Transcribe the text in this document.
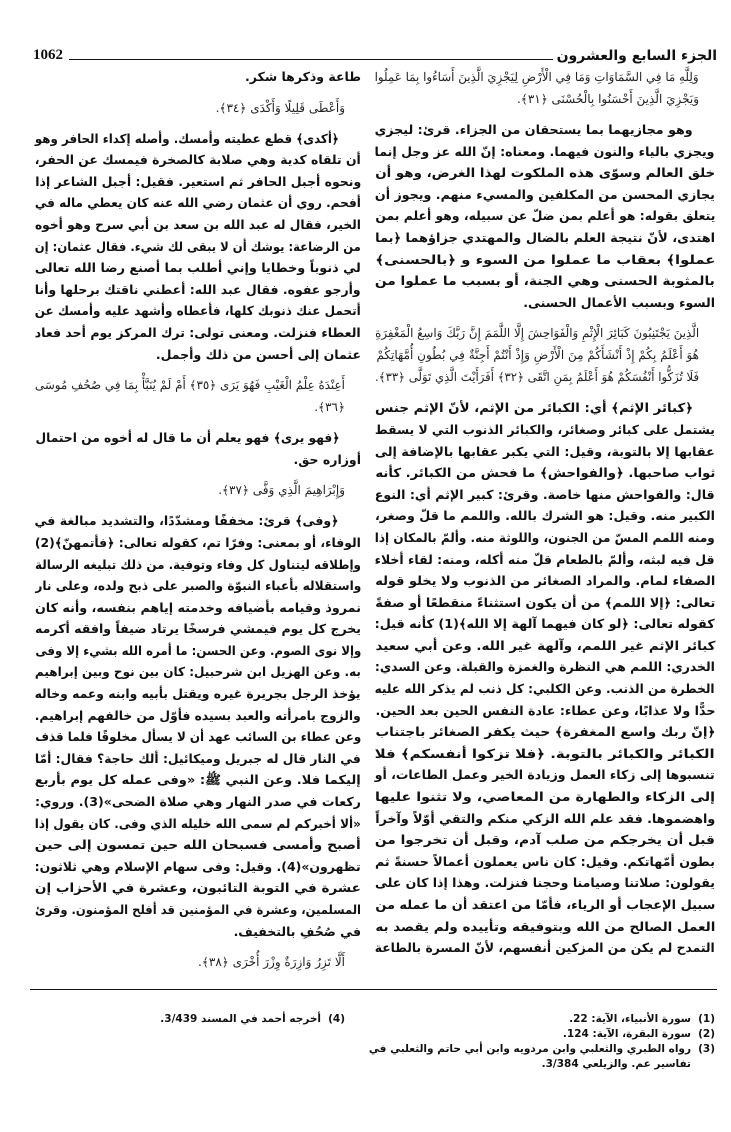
الجزء السابع والعشرون
1062
وَلِلَّهِ مَا فِي السَّمَاوَاتِ وَمَا فِي الْأَرْضِ لِيَجْزِيَ الَّذِينَ أَسَاءُوا بِمَا عَمِلُوا
وَيَجْزِيَ الَّذِينَ أَحْسَنُوا بِالْحُسْنَى ﴿٣١﴾.
وهو مجازيهما بما يستحقان من الجزاء. قرئ: ليجزي
ويجزي بالياء والنون فيهما. ومعناه: إنّ الله عز وجل إنما
خلق العالم وسوّى هذه الملكوت لهذا الغرض، وهو أن
يجازي المحسن من المكلفين والمسيء منهم. ويجوز أن
يتعلق بقوله: هو أعلم بمن ضلّ عن سبيله، وهو أعلم بمن
اهتدى، لأنّ نتيجة العلم بالضال والمهتدي جزاؤهما ﴿بما
عملوا﴾ بعقاب ما عملوا من السوء و ﴿بالحسنى﴾
بالمثوبة الحسنى وهي الجنة، أو بسبب ما عملوا من
السوء وبسبب الأعمال الحسنى.
الَّذِينَ يَجْتَنِبُونَ كَبَائِرَ الْإِثْمِ وَالْفَوَاحِشَ إِلَّا اللَّمَمَ إِنَّ رَبَّكَ وَاسِعُ الْمَغْفِرَةِ
هُوَ أَعْلَمُ بِكُمْ إِذْ أَنْشَأَكُمْ مِنَ الْأَرْضِ وَإِذْ أَنْتُمْ أَجِنَّةٌ فِي بُطُونِ أُمَّهَاتِكُمْ
فَلَا تُزَكُّوا أَنْفُسَكُمْ هُوَ أَعْلَمُ بِمَنِ اتَّقَى ﴿٣٢﴾ أَفَرَأَيْتَ الَّذِي تَوَلَّى ﴿٣٣﴾.
﴿كبائر الإثم﴾ أي: الكبائر من الإثم، لأنّ الإثم جنس
يشتمل على كبائر وصغائر، والكبائر الذنوب التي لا يسقط
عقابها إلا بالتوبة، وقيل: التي يكبر عقابها بالإضافة إلى
ثواب صاحبها. ﴿والفواحش﴾ ما فحش من الكبائر. كأنه
قال: والفواحش منها خاصة. وقرئ: كبير الإثم أي: النوع
الكبير منه. وقيل: هو الشرك بالله. واللمم ما قلّ وصغر،
ومنه اللمم المسّ من الجنون، واللوثة منه. وألمّ بالمكان إذا
قل فيه لبثه، وألمّ بالطعام قلّ منه أكله، ومنه: لقاء أخلاء
الصفاء لمام. والمراد الصغائر من الذنوب ولا يخلو قوله
تعالى: ﴿إلا اللمم﴾ من أن يكون استثناءً منقطعًا أو صفةً
كقوله تعالى: ﴿لو كان فيهما آلهة إلا الله﴾(1) كأنه قيل:
كبائر الإثم غير اللمم، وآلهة غير الله. وعن أبي سعيد
الخدري: اللمم هي النظرة والغمزة والقبلة. وعن السدي:
الخطرة من الذنب. وعن الكلبي: كل ذنب لم يذكر الله عليه
حدًّا ولا عذابًا، وعن عطاء: عادة النفس الحين بعد الحين.
﴿إنّ ربك واسع المغفرة﴾ حيث يكفر الصغائر باجتناب
الكبائر والكبائر بالتوبة. ﴿فلا تزكوا أنفسكم﴾ فلا
تنسبوها إلى زكاء العمل وزيادة الخير وعمل الطاعات، أو
إلى الزكاء والطهارة من المعاصي، ولا تثنوا عليها
واهضموها. فقد علم الله الزكي منكم والتقي أوّلاً وآخراً
قبل أن يخرجكم من صلب آدم، وقبل أن تخرجوا من
بطون أمّهاتكم. وقيل: كان ناس يعملون أعمالاً حسنةً ثم
يقولون: صلاتنا وصيامنا وحجنا فنزلت. وهذا إذا كان على
سبيل الإعجاب أو الرياء، فأمّا من اعتقد أن ما عمله من
العمل الصالح من الله وبتوفيقه وتأييده ولم يقصد به
التمدح لم يكن من المزكين أنفسهم، لأنّ المسرة بالطاعة
طاعة وذكرها شكر.
وَأَعْطَى قَلِيلًا وَأَكْدَى ﴿٣٤﴾.
﴿أكدى﴾ قطع عطيته وأمسك. وأصله إكداء الحافر وهو
أن تلقاه كدية وهي صلابة كالصخرة فيمسك عن الحفر،
ونحوه أجبل الحافر ثم استعير. فقيل: أجبل الشاعر إذا
أفحم. روي أن عثمان رضي الله عنه كان يعطي ماله في
الخير، فقال له عبد الله بن سعد بن أبي سرح وهو أخوه
من الرضاعة: يوشك أن لا يبقى لك شيء. فقال عثمان: إن
لي ذنوباً وخطايا وإني أطلب بما أصنع رضا الله تعالى
وأرجو عفوه. فقال عبد الله: أعطني ناقتك برحلها وأنا
أتحمل عنك ذنوبك كلها، فأعطاه وأشهد عليه وأمسك عن
العطاء فنزلت. ومعنى تولى: ترك المركز يوم أحد فعاد
عثمان إلى أحسن من ذلك وأجمل.
أَعِنْدَهُ عِلْمُ الْغَيْبِ فَهُوَ يَرَى ﴿٣٥﴾ أَمْ لَمْ يُنَبَّأْ بِمَا فِي صُحُفِ مُوسَى
﴿٣٦﴾.
﴿فهو يرى﴾ فهو يعلم أن ما قال له أخوه من احتمال
أوزاره حق.
وَإِبْرَاهِيمَ الَّذِي وَفَّى ﴿٣٧﴾.
﴿وفى﴾ قرئ: مخففًا ومشدّدًا، والتشديد مبالغة في
الوفاء، أو بمعنى: وفرًا تم، كقوله تعالى: ﴿فأتمهنّ﴾(2)
وإطلاقه ليتناول كل وفاء وتوفية. من ذلك تبليغه الرسالة
واستقلاله بأعباء النبوّة والصبر على ذبح ولده، وعلى نار
نمروذ وقيامه بأضيافه وخدمته إياهم بنفسه، وأنه كان
يخرج كل يوم فيمشي فرسخًا يرتاد ضيفاً وافقه أكرمه
وإلا نوى الصوم. وعن الحسن: ما أمره الله بشيء إلا وفى
به. وعن الهزيل ابن شرحبيل: كان بين نوح وبين إبراهيم
يؤخذ الرجل بجريرة غيره ويقتل بأبيه وابنه وعمه وخاله
والزوج بامرأته والعبد بسيده فأوّل من خالفهم إبراهيم.
وعن عطاء بن السائب عهد أن لا يسأل مخلوقًا فلما قذف
في النار قال له جبريل وميكائيل: ألك حاجة؟ فقال: أمّا
إليكما فلا. وعن النبي ﷺ: «وفى عمله كل يوم بأربع
ركعات في صدر النهار وهي صلاة الضحى»(3). وروي:
«ألا أخبركم لم سمى الله خليله الذي وفى. كان يقول إذا
أصبح وأمسى فسبحان الله حين تمسون إلى حين
تظهرون»(4). وقيل: وفى سهام الإسلام وهي ثلاثون:
عشرة في التوبة التائبون، وعشرة في الأحزاب إن
المسلمين، وعشرة في المؤمنين قد أفلح المؤمنون. وقرئ
في صُحُفِ بالتخفيف.
أَلَّا تَزِرُ وَازِرَةٌ وِزْرَ أُخْرَى ﴿٣٨﴾.
(1)
سورة الأنبياء، الآية: 22.
(2)
سورة البقرة، الآية: 124.
(3)
رواه الطبري والثعلبي وابن مردويه وابن أبي حاتم والثعلبي في
تفاسير عم. والزيلعي 3/384.
(4)
أخرجه أحمد في المسند 3/439.
